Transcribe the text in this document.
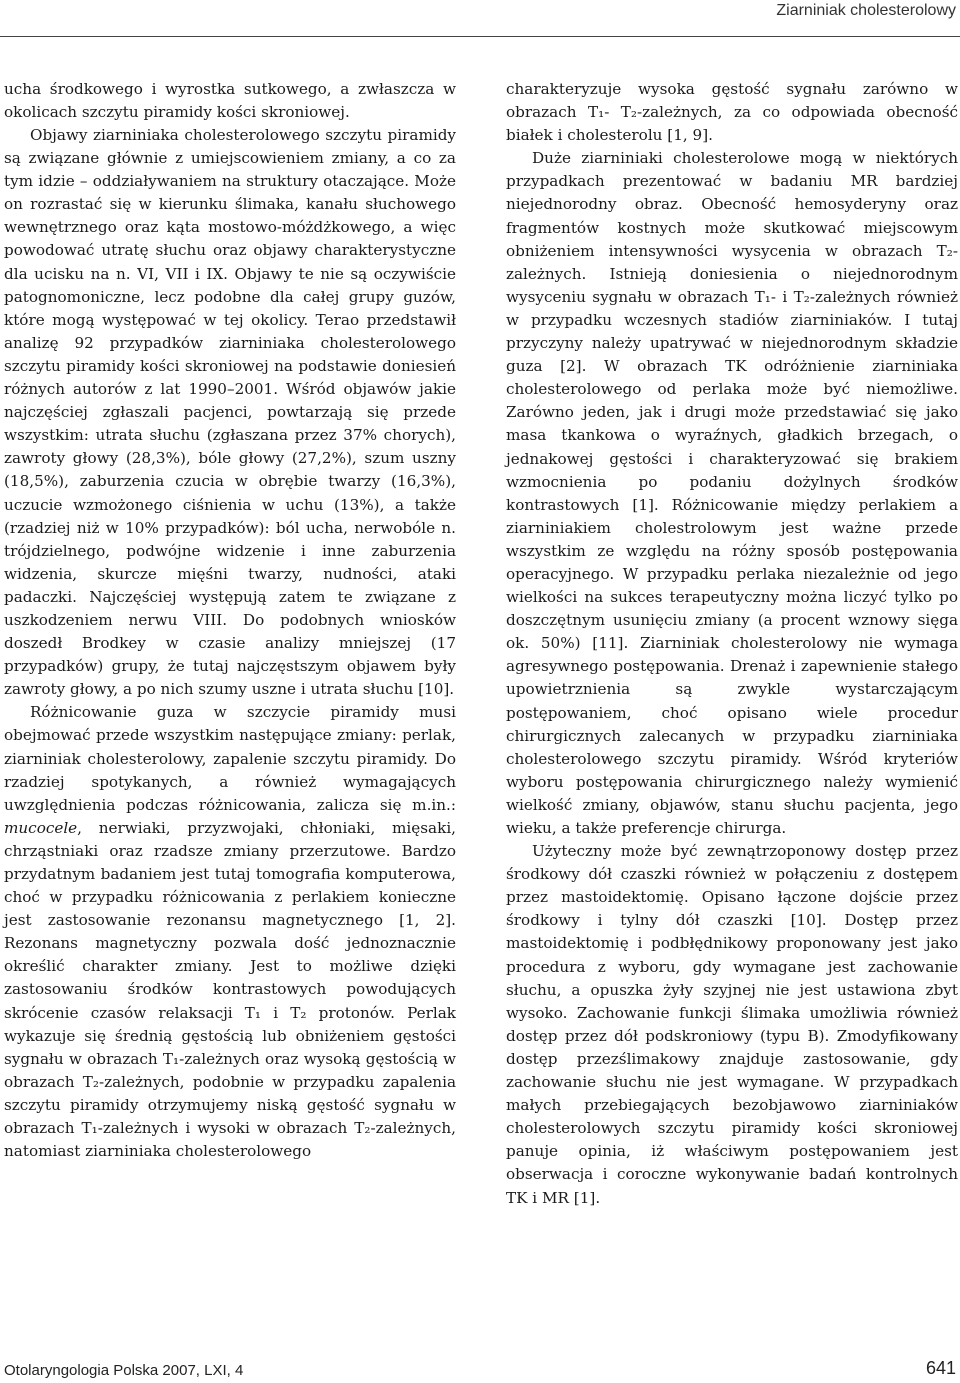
Ziarniniak cholesterolowy

ucha środkowego i wyrostka sutkowego, a zwłaszcza w okolicach szczytu piramidy kości skroniowej.

Objawy ziarniniaka cholesterolowego szczytu piramidy są związane głównie z umiejscowieniem zmiany, a co za tym idzie – oddziaływaniem na struktury otaczające. Może on rozrastać się w kierunku ślimaka, kanału słuchowego wewnętrznego oraz kąta mostowo-móżdżkowego, a więc powodować utratę słuchu oraz objawy charakterystyczne dla ucisku na n. VI, VII i IX. Objawy te nie są oczywiście patognomoniczne, lecz podobne dla całej grupy guzów, które mogą występować w tej okolicy. Terao przedstawił analizę 92 przypadków ziarniniaka cholesterolowego szczytu piramidy kości skroniowej na podstawie doniesień różnych autorów z lat 1990–2001. Wśród objawów jakie najczęściej zgłaszali pacjenci, powtarzają się przede wszystkim: utrata słuchu (zgłaszana przez 37% chorych), zawroty głowy (28,3%), bóle głowy (27,2%), szum uszny (18,5%), zaburzenia czucia w obrębie twarzy (16,3%), uczucie wzmożonego ciśnienia w uchu (13%), a także (rzadziej niż w 10% przypadków): ból ucha, nerwobóle n. trójdzielnego, podwójne widzenie i inne zaburzenia widzenia, skurcze mięśni twarzy, nudności, ataki padaczki. Najczęściej występują zatem te związane z uszkodzeniem nerwu VIII. Do podobnych wniosków doszedł Brodkey w czasie analizy mniejszej (17 przypadków) grupy, że tutaj najczęstszym objawem były zawroty głowy, a po nich szumy uszne i utrata słuchu [10].

Różnicowanie guza w szczycie piramidy musi obejmować przede wszystkim następujące zmiany: perlak, ziarniniak cholesterolowy, zapalenie szczytu piramidy. Do rzadziej spotykanych, a również wymagających uwzględnienia podczas różnicowania, zalicza się m.in.: mucocele, nerwiaki, przyzwojaki, chłoniaki, mięsaki, chrząstniaki oraz rzadsze zmiany przerzutowe. Bardzo przydatnym badaniem jest tutaj tomografia komputerowa, choć w przypadku różnicowania z perlakiem konieczne jest zastosowanie rezonansu magnetycznego [1, 2]. Rezonans magnetyczny pozwala dość jednoznacznie określić charakter zmiany. Jest to możliwe dzięki zastosowaniu środków kontrastowych powodujących skrócenie czasów relaksacji T₁ i T₂ protonów. Perlak wykazuje się średnią gęstością lub obniżeniem gęstości sygnału w obrazach T₁-zależnych oraz wysoką gęstością w obrazach T₂-zależnych, podobnie w przypadku zapalenia szczytu piramidy otrzymujemy niską gęstość sygnału w obrazach T₁-zależnych i wysoki w obrazach T₂-zależnych, natomiast ziarniniaka cholesterolowego

charakteryzuje wysoka gęstość sygnału zarówno w obrazach T₁- T₂-zależnych, za co odpowiada obecność białek i cholesterolu [1, 9].

Duże ziarniniaki cholesterolowe mogą w niektórych przypadkach prezentować w badaniu MR bardziej niejednorodny obraz. Obecność hemosyderyny oraz fragmentów kostnych może skutkować miejscowym obniżeniem intensywności wysycenia w obrazach T₂-zależnych. Istnieją doniesienia o niejednorodnym wysyceniu sygnału w obrazach T₁- i T₂-zależnych również w przypadku wczesnych stadiów ziarniniaków. I tutaj przyczyny należy upatrywać w niejednorodnym składzie guza [2]. W obrazach TK odróżnienie ziarniniaka cholesterolowego od perlaka może być niemożliwe. Zarówno jeden, jak i drugi może przedstawiać się jako masa tkankowa o wyraźnych, gładkich brzegach, o jednakowej gęstości i charakteryzować się brakiem wzmocnienia po podaniu dożylnych środków kontrastowych [1]. Różnicowanie między perlakiem a ziarniniakiem cholestrolowym jest ważne przede wszystkim ze względu na różny sposób postępowania operacyjnego. W przypadku perlaka niezależnie od jego wielkości na sukces terapeutyczny można liczyć tylko po doszczętnym usunięciu zmiany (a procent wznowy sięga ok. 50%) [11]. Ziarniniak cholesterolowy nie wymaga agresywnego postępowania. Drenaż i zapewnienie stałego upowietrznienia są zwykle wystarczającym postępowaniem, choć opisano wiele procedur chirurgicznych zalecanych w przypadku ziarniniaka cholesterolowego szczytu piramidy. Wśród kryteriów wyboru postępowania chirurgicznego należy wymienić wielkość zmiany, objawów, stanu słuchu pacjenta, jego wieku, a także preferencje chirurga.

Użyteczny może być zewnątrzoponowy dostęp przez środkowy dół czaszki również w połączeniu z dostępem przez mastoidektomię. Opisano łączone dojście przez środkowy i tylny dół czaszki [10]. Dostęp przez mastoidektomię i podbłędnikowy proponowany jest jako procedura z wyboru, gdy wymagane jest zachowanie słuchu, a opuszka żyły szyjnej nie jest ustawiona zbyt wysoko. Zachowanie funkcji ślimaka umożliwia również dostęp przez dół podskroniowy (typu B). Zmodyfikowany dostęp przezślimakowy znajduje zastosowanie, gdy zachowanie słuchu nie jest wymagane. W przypadkach małych przebiegających bezobjawowo ziarniniaków cholesterolowych szczytu piramidy kości skroniowej panuje opinia, iż właściwym postępowaniem jest obserwacja i coroczne wykonywanie badań kontrolnych TK i MR [1].

Otolaryngologia Polska 2007, LXI, 4	641
